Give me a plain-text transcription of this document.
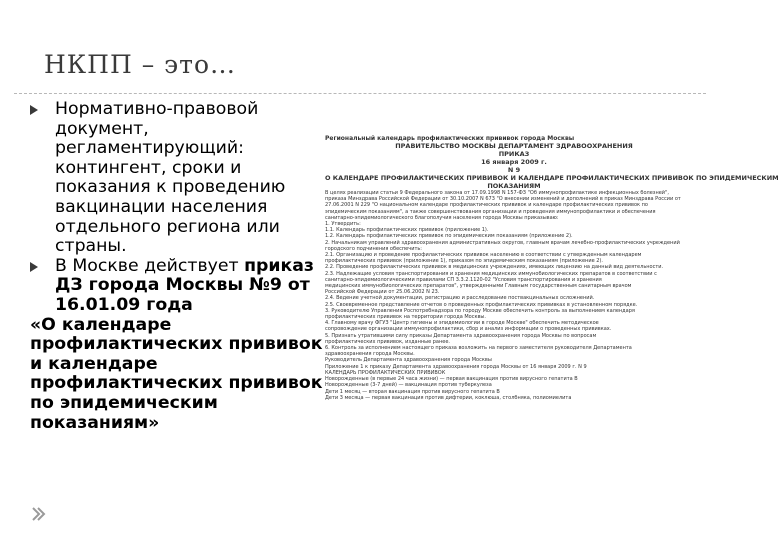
НКПП – это…
Нормативно-правовой документ, регламентирующий: контингент, сроки и показания к проведению вакцинации населения отдельного региона или страны.
В Москве действует приказ ДЗ города Москвы №9 от 16.01.09 года
«О календаре профилактических прививок и календаре профилактических прививок по эпидемическим показаниям»
Региональный календарь профилактических прививок города Москвы
ПРАВИТЕЛЬСТВО МОСКВЫ ДЕПАРТАМЕНТ ЗДРАВООХРАНЕНИЯ
ПРИКАЗ
16 января 2009 г.
N 9
О КАЛЕНДАРЕ ПРОФИЛАКТИЧЕСКИХ ПРИВИВОК И КАЛЕНДАРЕ ПРОФИЛАКТИЧЕСКИХ ПРИВИВОК ПО ЭПИДЕМИЧЕСКИМ
ПОКАЗАНИЯМ
В целях реализации статьи 9 Федерального закона от 17.09.1998 N 157-ФЗ "Об иммунопрофилактике инфекционных болезней",
приказа Минздрава Российской Федерации от 30.10.2007 N 673 "О внесении изменений и дополнений в приказ Минздрава России от
27.06.2001 N 229 "О национальном календаре профилактических прививок и календаре профилактических прививок по
эпидемическим показаниям", а также совершенствования организации и проведения иммунопрофилактики и обеспечения
санитарно-эпидемиологического благополучия населения города Москвы приказываю:
1. Утвердить:
1.1. Календарь профилактических прививок (приложение 1).
1.2. Календарь профилактических прививок по эпидемическим показаниям (приложение 2).
2. Начальникам управлений здравоохранения административных округов, главным врачам лечебно-профилактических учреждений
городского подчинения обеспечить:
2.1. Организацию и проведение профилактических прививок населению в соответствии с утвержденным календарем
профилактических прививок (приложение 1), приказом по эпидемическим показаниям (приложение 2).
2.2. Проведение профилактических прививок в медицинских учреждениях, имеющих лицензию на данный вид деятельности.
2.3. Надлежащие условия транспортирования и хранения медицинских иммунобиологических препаратов в соответствии с
санитарно-эпидемиологическими правилами СП 3.3.2.1120-02 "Условия транспортирования и хранения
медицинских иммунобиологических препаратов", утвержденными Главным государственным санитарным врачом
Российской Федерации от 25.06.2002 N 23.
2.4. Ведение учетной документации, регистрацию и расследование поствакцинальных осложнений.
2.5. Своевременное представление отчетов о проведенных профилактических прививках в установленном порядке.
3. Руководителю Управления Роспотребнадзора по городу Москве обеспечить контроль за выполнением календаря
профилактических прививок на территории города Москвы.
4. Главному врачу ФГУЗ "Центр гигиены и эпидемиологии в городе Москве" обеспечить методическое
сопровождение организации иммунопрофилактики, сбор и анализ информации о проведенных прививках.
5. Признать утратившими силу приказы Департамента здравоохранения города Москвы по вопросам
профилактических прививок, изданные ранее.
6. Контроль за исполнением настоящего приказа возложить на первого заместителя руководителя Департамента
здравоохранения города Москвы.
Руководитель Департамента здравоохранения города Москвы
Приложение 1 к приказу Департамента здравоохранения города Москвы от 16 января 2009 г. N 9
КАЛЕНДАРЬ ПРОФИЛАКТИЧЕСКИХ ПРИВИВОК
Новорожденные (в первые 24 часа жизни) — первая вакцинация против вирусного гепатита В
Новорожденные (3-7 дней) — вакцинация против туберкулеза
Дети 1 месяц — вторая вакцинация против вирусного гепатита В
Дети 3 месяца — первая вакцинация против дифтерии, коклюша, столбняка, полиомиелита
